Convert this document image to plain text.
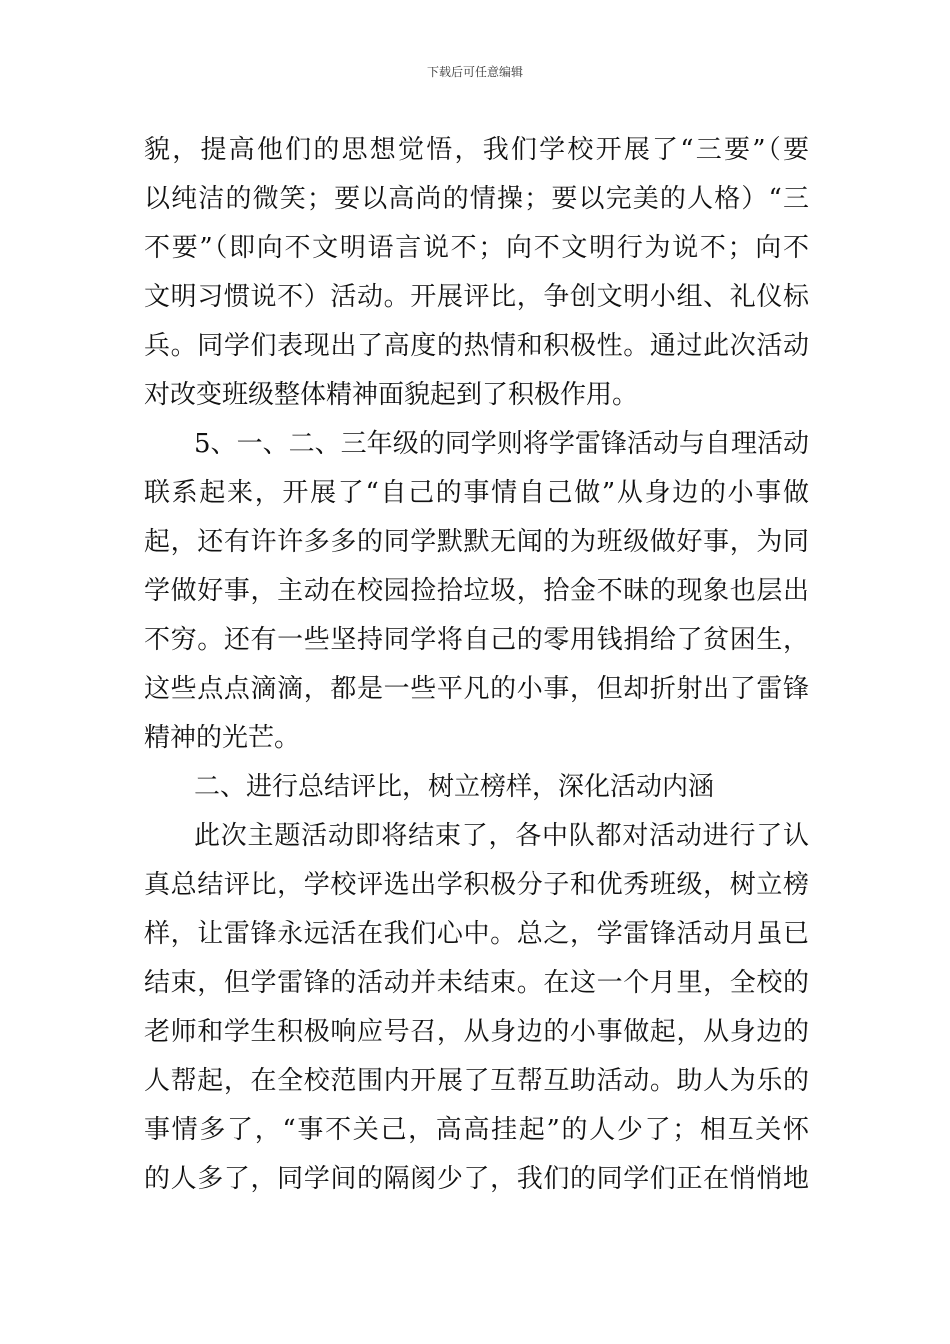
下载后可任意编辑
貌，提高他们的思想觉悟，我们学校开展了“三要”（要
以纯洁的微笑；要以高尚的情操；要以完美的人格）“三
不要”（即向不文明语言说不；向不文明行为说不；向不
文明习惯说不）活动。开展评比，争创文明小组、礼仪标
兵。同学们表现出了高度的热情和积极性。通过此次活动
对改变班级整体精神面貌起到了积极作用。
5、一、二、三年级的同学则将学雷锋活动与自理活动
联系起来，开展了“自己的事情自己做”从身边的小事做
起，还有许许多多的同学默默无闻的为班级做好事，为同
学做好事，主动在校园捡拾垃圾，拾金不昧的现象也层出
不穷。还有一些坚持同学将自己的零用钱捐给了贫困生，
这些点点滴滴，都是一些平凡的小事，但却折射出了雷锋
精神的光芒。
二、进行总结评比，树立榜样，深化活动内涵
此次主题活动即将结束了，各中队都对活动进行了认
真总结评比，学校评选出学积极分子和优秀班级，树立榜
样，让雷锋永远活在我们心中。总之，学雷锋活动月虽已
结束，但学雷锋的活动并未结束。在这一个月里，全校的
老师和学生积极响应号召，从身边的小事做起，从身边的
人帮起，在全校范围内开展了互帮互助活动。助人为乐的
事情多了，“事不关己，高高挂起”的人少了；相互关怀
的人多了，同学间的隔阂少了，我们的同学们正在悄悄地
